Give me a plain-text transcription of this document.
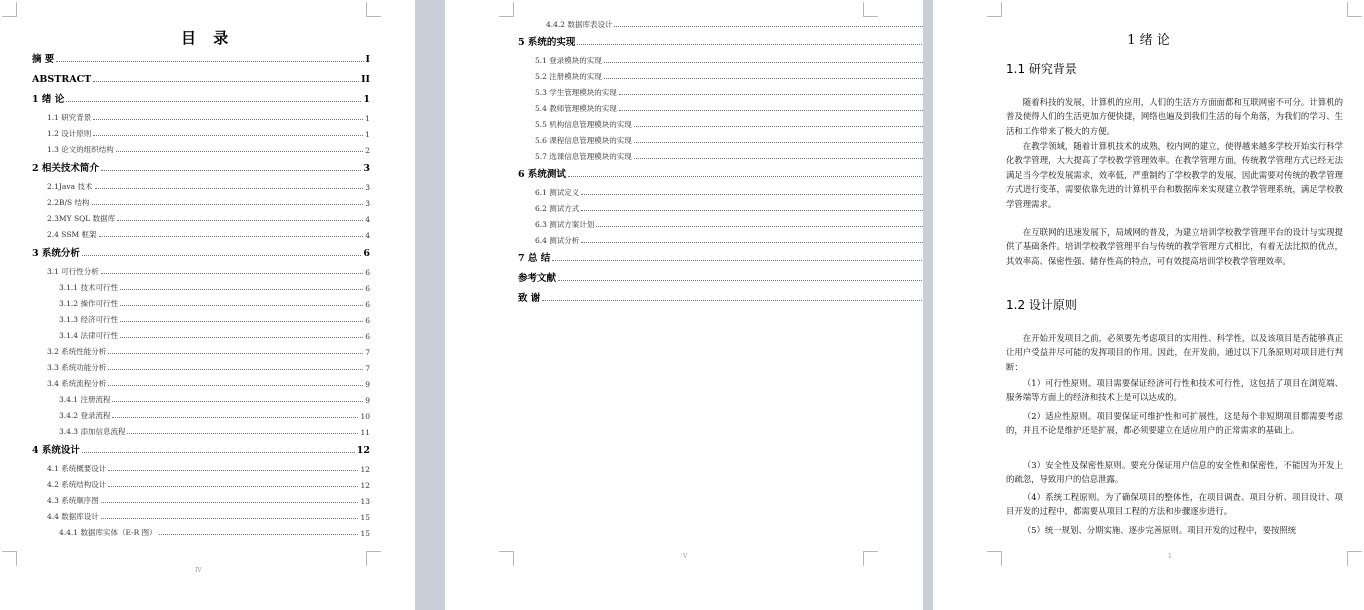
目 录
摘 要	I
ABSTRACT	II
1 绪 论	1
1.1 研究背景	1
1.2 设计原则	1
1.3 论文的组织结构	2
2 相关技术简介	3
2.1Java 技术	3
2.2B/S 结构	3
2.3MY SQL 数据库	4
2.4 SSM 框架	4
3 系统分析	6
3.1 可行性分析	6
3.1.1 技术可行性	6
3.1.2 操作可行性	6
3.1.3 经济可行性	6
3.1.4 法律可行性	6
3.2 系统性能分析	7
3.3 系统功能分析	7
3.4 系统流程分析	9
3.4.1 注册流程	9
3.4.2 登录流程	10
3.4.3 添加信息流程	11
4 系统设计	12
4.1 系统概要设计	12
4.2 系统结构设计	12
4.3 系统顺序图	13
4.4 数据库设计	15
4.4.1 数据库实体（E-R 图）	15
IV
4.4.2 数据库表设计
5 系统的实现
5.1 登录模块的实现
5.2 注册模块的实现
5.3 学生管理模块的实现
5.4 教师管理模块的实现
5.5 机构信息管理模块的实现
5.6 课程信息管理模块的实现
5.7 选课信息管理模块的实现
6 系统测试
6.1 测试定义
6.2 测试方式
6.3 测试方案计划
6.4 测试分析
7 总 结
参考文献
致 谢
V
1 绪 论
1.1 研究背景
随着科技的发展，计算机的应用，人们的生活方方面面都和互联网密不可分。计算机的普及使得人们的生活更加方便快捷，网络也遍及到我们生活的每个角落，为我们的学习、生活和工作带来了极大的方便。
在教学领域，随着计算机技术的成熟，校内网的建立，使得越来越多学校开始实行科学化教学管理，大大提高了学校教学管理效率。在教学管理方面，传统教学管理方式已经无法满足当今学校发展需求，效率低，严重制约了学校教学的发展，因此需要对传统的教学管理方式进行变革，需要依靠先进的计算机平台和数据库来实现建立教学管理系统，满足学校教学管理需求。
在互联网的迅速发展下，局域网的普及，为建立培训学校教学管理平台的设计与实现提供了基础条件。培训学校教学管理平台与传统的教学管理方式相比，有着无法比拟的优点，其效率高、保密性强、储存性高的特点，可有效提高培训学校教学管理效率。
1.2 设计原则
在开始开发项目之前，必须要先考虑项目的实用性、科学性，以及该项目是否能够真正让用户受益并尽可能的发挥项目的作用。因此，在开发前，通过以下几条原则对项目进行判断：
（1）可行性原则。项目需要保证经济可行性和技术可行性，这包括了项目在浏览端、服务端等方面上的经济和技术上是可以达成的。
（2）适应性原则。项目要保证可维护性和可扩展性，这是每个非短期项目都需要考虑的，并且不论是维护还是扩展，都必须要建立在适应用户的正常需求的基础上。
（3）安全性及保密性原则。要充分保证用户信息的安全性和保密性，不能因为开发上的疏忽，导致用户的信息泄露。
（4）系统工程原则。为了确保项目的整体性，在项目调查、项目分析、项目设计、项目开发的过程中，都需要从项目工程的方法和步骤逐步进行。
（5）统一规划、分期实施、逐步完善原则。项目开发的过程中，要按照统
1
